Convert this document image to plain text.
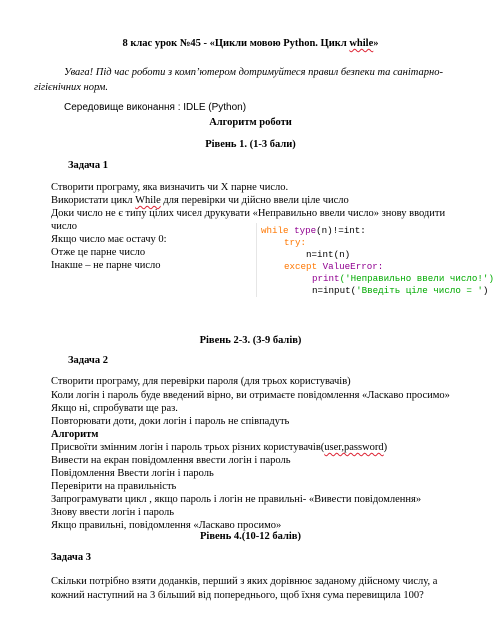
8 клас урок №45 - «Цикли мовою Python. Цикл while»
Увага! Під час роботи з комп’ютером дотримуйтеся правил безпеки та санітарно-
гігієнічних норм.
Середовище виконання : IDLE (Python)
Алгоритм роботи
Рівень 1. (1-3 бали)
Задача 1
Створити програму, яка визначить чи Х парне число.
Використати цикл While для перевірки чи дійсно ввели ціле число
Доки число не є типу цілих чисел друкувати «Неправильно ввели число» знову вводити
число
Якщо число має остачу 0:
Отже це парне число
Інакше – не парне число
while type(n)!=int:
try:
n=int(n)
except ValueError:
print('Неправильно ввели число!')
n=input('Введіть ціле число = ')
Рівень 2-3. (3-9 балів)
Задача 2
Створити програму, для перевірки пароля (для трьох користувачів)
Коли логін і пароль буде введений вірно, ви отримаєте повідомлення «Ласкаво просимо»
Якщо ні, спробувати ще раз.
Повторювати доти, доки логін і пароль не співпадуть
Алгоритм
Присвоїти змінним логін і пароль трьох різних користувачів(user,password)
Вивести на екран повідомлення ввести логін і пароль
Повідомлення Ввести логін і пароль
Перевірити на правильність
Запрограмувати цикл , якщо пароль і логін не правильні- «Вивести повідомлення»
Знову ввести логін і пароль
Якщо правильні, повідомлення «Ласкаво просимо»
Рівень 4.(10-12 балів)
Задача 3
Скільки потрібно взяти доданків, перший з яких дорівнює заданому дійсному числу, а
кожний наступний на 3 більший від попереднього, щоб їхня сума перевищила 100?
